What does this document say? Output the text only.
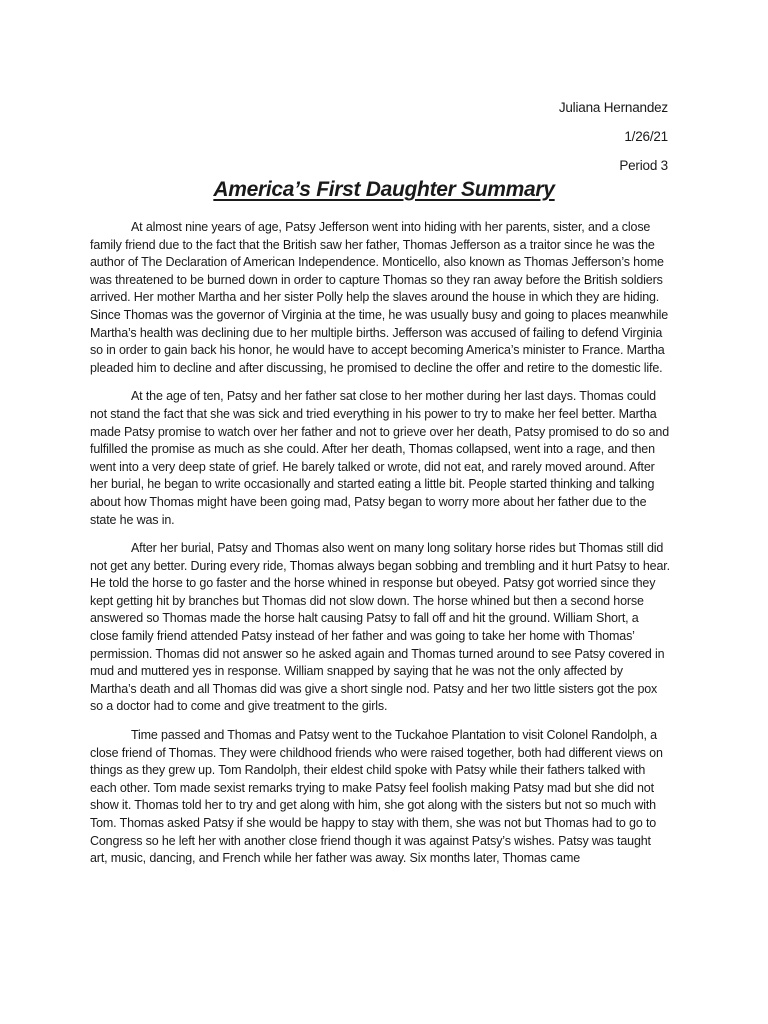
Juliana Hernandez
1/26/21
Period 3
America’s First Daughter Summary

At almost nine years of age, Patsy Jefferson went into hiding with her parents, sister, and a close family friend due to the fact that the British saw her father, Thomas Jefferson as a traitor since he was the author of The Declaration of American Independence. Monticello, also known as Thomas Jefferson’s home was threatened to be burned down in order to capture Thomas so they ran away before the British soldiers arrived. Her mother Martha and her sister Polly help the slaves around the house in which they are hiding. Since Thomas was the governor of Virginia at the time, he was usually busy and going to places meanwhile Martha’s health was declining due to her multiple births. Jefferson was accused of failing to defend Virginia so in order to gain back his honor, he would have to accept becoming America’s minister to France. Martha pleaded him to decline and after discussing, he promised to decline the offer and retire to the domestic life.

At the age of ten, Patsy and her father sat close to her mother during her last days. Thomas could not stand the fact that she was sick and tried everything in his power to try to make her feel better. Martha made Patsy promise to watch over her father and not to grieve over her death, Patsy promised to do so and fulfilled the promise as much as she could. After her death, Thomas collapsed, went into a rage, and then went into a very deep state of grief. He barely talked or wrote, did not eat, and rarely moved around. After her burial, he began to write occasionally and started eating a little bit. People started thinking and talking about how Thomas might have been going mad, Patsy began to worry more about her father due to the state he was in.

After her burial, Patsy and Thomas also went on many long solitary horse rides but Thomas still did not get any better. During every ride, Thomas always began sobbing and trembling and it hurt Patsy to hear. He told the horse to go faster and the horse whined in response but obeyed. Patsy got worried since they kept getting hit by branches but Thomas did not slow down. The horse whined but then a second horse answered so Thomas made the horse halt causing Patsy to fall off and hit the ground. William Short, a close family friend attended Patsy instead of her father and was going to take her home with Thomas’ permission. Thomas did not answer so he asked again and Thomas turned around to see Patsy covered in mud and muttered yes in response. William snapped by saying that he was not the only affected by Martha’s death and all Thomas did was give a short single nod. Patsy and her two little sisters got the pox so a doctor had to come and give treatment to the girls.

Time passed and Thomas and Patsy went to the Tuckahoe Plantation to visit Colonel Randolph, a close friend of Thomas. They were childhood friends who were raised together, both had different views on things as they grew up. Tom Randolph, their eldest child spoke with Patsy while their fathers talked with each other. Tom made sexist remarks trying to make Patsy feel foolish making Patsy mad but she did not show it. Thomas told her to try and get along with him, she got along with the sisters but not so much with Tom. Thomas asked Patsy if she would be happy to stay with them, she was not but Thomas had to go to Congress so he left her with another close friend though it was against Patsy’s wishes. Patsy was taught art, music, dancing, and French while her father was away. Six months later, Thomas came
